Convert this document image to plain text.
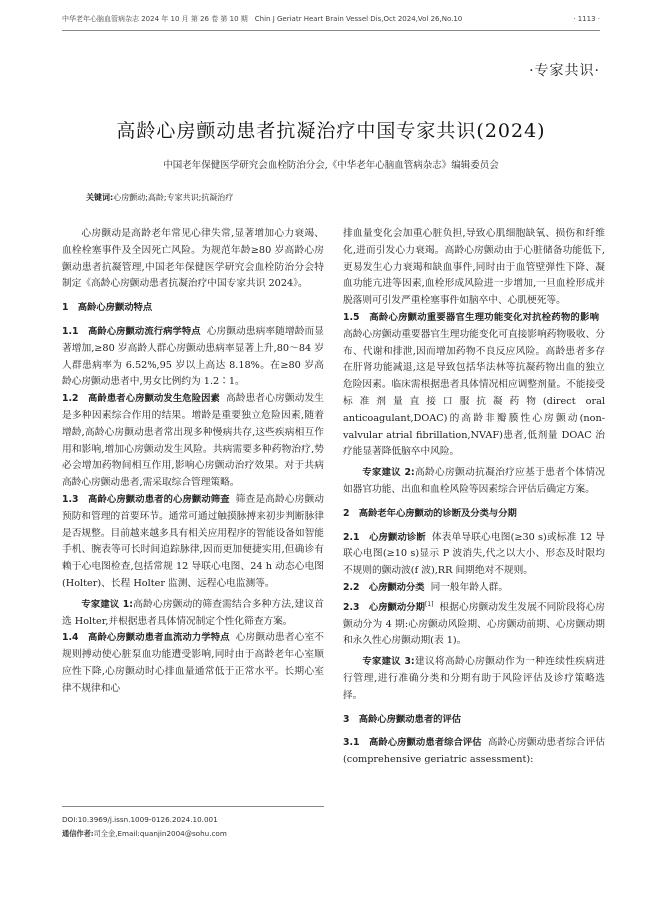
中华老年心脑血管病杂志 2024 年 10 月 第 26 卷 第 10 期　Chin J Geriatr Heart Brain Vessel Dis,Oct 2024,Vol 26,No.10	· 1113 ·
·专家共识·
高龄心房颤动患者抗凝治疗中国专家共识(2024)
中国老年保健医学研究会血栓防治分会,《中华老年心脑血管病杂志》编辑委员会
关键词:心房颤动;高龄;专家共识;抗凝治疗

心房颤动是高龄老年常见心律失常,显著增加心力衰竭、血栓栓塞事件及全因死亡风险。为规范年龄≥80 岁高龄心房颤动患者抗凝管理,中国老年保健医学研究会血栓防治分会特制定《高龄心房颤动患者抗凝治疗中国专家共识 2024》。

1　高龄心房颤动特点

1.1　高龄心房颤动流行病学特点 心房颤动患病率随增龄而显著增加,≥80 岁高龄人群心房颤动患病率显著上升,80～84 岁人群患病率为 6.52%,95 岁以上高达 8.18%。在≥80 岁高龄心房颤动患者中,男女比例约为 1.2∶1。

1.2　高龄患者心房颤动发生危险因素 高龄患者心房颤动发生是多种因素综合作用的结果。增龄是重要独立危险因素,随着增龄,高龄心房颤动患者常出现多种慢病共存,这些疾病相互作用和影响,增加心房颤动发生风险。共病需要多种药物治疗,势必会增加药物间相互作用,影响心房颤动治疗效果。对于共病高龄心房颤动患者,需采取综合管理策略。

1.3　高龄心房颤动患者的心房颤动筛查 筛查是高龄心房颤动预防和管理的首要环节。通常可通过触摸脉搏来初步判断脉律是否规整。目前越来越多具有相关应用程序的智能设备如智能手机、腕表等可长时间追踪脉律,因而更加便捷实用,但确诊有赖于心电图检查,包括常规 12 导联心电图、24 h 动态心电图(Holter)、长程 Holter 监测、远程心电监测等。

专家建议 1:高龄心房颤动的筛查需结合多种方法,建议首选 Holter,并根据患者具体情况制定个性化筛查方案。

1.4　高龄心房颤动患者血流动力学特点 心房颤动患者心室不规则搏动使心脏泵血功能遭受影响,同时由于高龄老年心室顺应性下降,心房颤动时心排血量通常低于正常水平。长期心室律不规律和心

排血量变化会加重心脏负担,导致心肌细胞缺氧、损伤和纤维化,进而引发心力衰竭。高龄心房颤动由于心脏储备功能低下,更易发生心力衰竭和缺血事件,同时由于血管壁弹性下降、凝血功能亢进等因素,血栓形成风险进一步增加,一旦血栓形成并脱落则可引发严重栓塞事件如脑卒中、心肌梗死等。

1.5　高龄心房颤动重要器官生理功能变化对抗栓药物的影响高龄心房颤动重要器官生理功能变化可直接影响药物吸收、分布、代谢和排泄,因而增加药物不良反应风险。高龄患者多存在肝肾功能减退,这是导致包括华法林等抗凝药物出血的独立危险因素。临床需根据患者具体情况相应调整剂量。不能接受标准剂量直接口服抗凝药物(direct oral anticoagulant,DOAC)的高龄非瓣膜性心房颤动(non-valvular atrial fibrillation,NVAF)患者,低剂量 DOAC 治疗能显著降低脑卒中风险。

专家建议 2:高龄心房颤动抗凝治疗应基于患者个体情况如器官功能、出血和血栓风险等因素综合评估后确定方案。

2　高龄老年心房颤动的诊断及分类与分期

2.1　心房颤动诊断 体表单导联心电图(≥30 s)或标准 12 导联心电图(≥10 s)显示 P 波消失,代之以大小、形态及时限均不规则的颤动波(f 波),RR 间期绝对不规则。

2.2　心房颤动分类 同一般年龄人群。

2.3　心房颤动分期[1] 根据心房颤动发生发展不同阶段将心房颤动分为 4 期:心房颤动风险期、心房颤动前期、心房颤动期和永久性心房颤动期(表 1)。

专家建议 3:建议将高龄心房颤动作为一种连续性疾病进行管理,进行准确分类和分期有助于风险评估及诊疗策略选择。

3　高龄心房颤动患者的评估

3.1　高龄心房颤动患者综合评估 高龄心房颤动患者综合评估(comprehensive geriatric assessment):

DOI:10.3969/j.issn.1009-0126.2024.10.001
通信作者:司全金,Email:quanjin2004@sohu.com
